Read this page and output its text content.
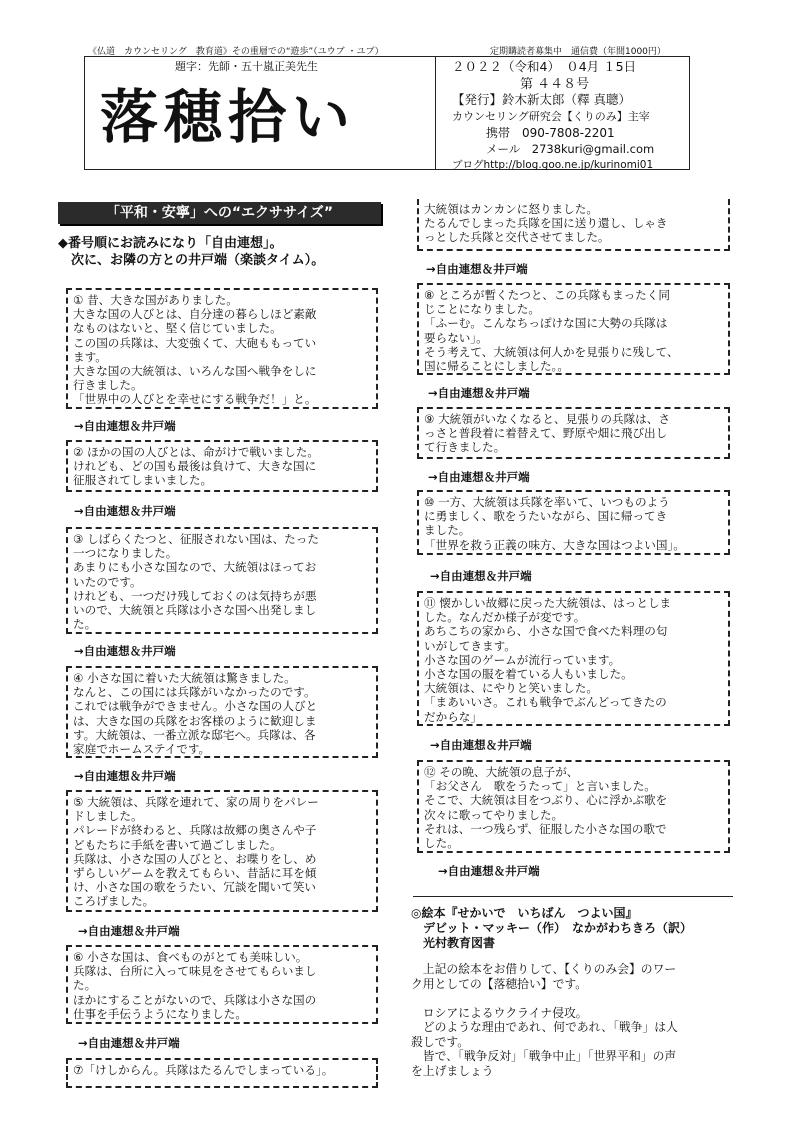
《仏道　カウンセリング　教育道》その重層での“遊歩”（ユウブ ・ユブ）	定期購読者募集中　通信費（年間1000円）
題字：先師・五十嵐正美先生
落穂拾い
２０２２（令和4）　０4月 １5日
第 ４４８号
【発行】鈴木新太郎（釋 真聰）
カウンセリング研究会【くりのみ】主宰
携帯　090-7808-2201
メール　2738kuri@gmail.com
ブログhttp://blog.goo.ne.jp/kurinomi01
「平和・安寧」への“エクササイズ”
◆番号順にお読みになり「自由連想」。
　次に、お隣の方との井戸端（楽談タイム）。
① 昔、大きな国がありました。
大きな国の人びとは、自分達の暮らしほど素敵
なものはないと、堅く信じていました。
この国の兵隊は、大変強くて、大砲ももってい
ます。
大きな国の大統領は、いろんな国へ戦争をしに
行きました。
「世界中の人びとを幸せにする戦争だ！」と。
→自由連想＆井戸端
② ほかの国の人びとは、命がけで戦いました。
けれども、どの国も最後は負けて、大きな国に
征服されてしまいました。
→自由連想＆井戸端
③ しばらくたつと、征服されない国は、たった
一つになりました。
あまりにも小さな国なので、大統領はほってお
いたのです。
けれども、一つだけ残しておくのは気持ちが悪
いので、大統領と兵隊は小さな国へ出発しまし
た。
→自由連想＆井戸端
④ 小さな国に着いた大統領は驚きました。
なんと、この国には兵隊がいなかったのです。
これでは戦争ができません。小さな国の人びと
は、大きな国の兵隊をお客様のように歓迎しま
す。大統領は、一番立派な邸宅へ。兵隊は、各
家庭でホームステイです。
→自由連想＆井戸端
⑤ 大統領は、兵隊を連れて、家の周りをパレー
ドしました。
パレードが終わると、兵隊は故郷の奥さんや子
どもたちに手紙を書いて過ごしました。
兵隊は、小さな国の人びとと、お喋りをし、め
ずらしいゲームを教えてもらい、昔話に耳を傾
け、小さな国の歌をうたい、冗談を聞いて笑い
ころげました。
→自由連想＆井戸端
⑥ 小さな国は、食べものがとても美味しい。
兵隊は、台所に入って味見をさせてもらいまし
た。
ほかにすることがないので、兵隊は小さな国の
仕事を手伝うようになりました。
→自由連想＆井戸端
⑦「けしからん。兵隊はたるんでしまっている」。
大統領はカンカンに怒りました。
たるんでしまった兵隊を国に送り還し、しゃき
っとした兵隊と交代させてました。
→自由連想＆井戸端
⑧ ところが暫くたつと、この兵隊もまったく同
じことになりました。
「ふーむ。こんなちっぽけな国に大勢の兵隊は
要らない」。
そう考えて、大統領は何人かを見張りに残して、
国に帰ることにしました。。
→自由連想＆井戸端
⑨ 大統領がいなくなると、見張りの兵隊は、さ
っさと普段着に着替えて、野原や畑に飛び出し
て行きました。
→自由連想＆井戸端
⑩ 一方、大統領は兵隊を率いて、いつものよう
に勇ましく、歌をうたいながら、国に帰ってき
ました。
「世界を救う正義の味方、大きな国はつよい国」。
→自由連想＆井戸端
⑪ 懐かしい故郷に戻った大統領は、はっとしま
した。なんだか様子が変です。
あちこちの家から、小さな国で食べた料理の匂
いがしてきます。
小さな国のゲームが流行っています。
小さな国の服を着ている人もいました。
大統領は、にやりと笑いました。
「まあいいさ。これも戦争でぶんどってきたの
だからな」
→自由連想＆井戸端
⑫ その晩、大統領の息子が、
「お父さん　歌をうたって」と言いました。
そこで、大統領は目をつぶり、心に浮かぶ歌を
次々に歌ってやりました。
それは、一つ残らず、征服した小さな国の歌で
した。
→自由連想＆井戸端
◎絵本『せかいで　いちばん　つよい国』
　デビット・マッキー（作）　なかがわちきろ（訳）
　光村教育図書
　上記の絵本をお借りして、【くりのみ会】のワー
ク用としての【落穂拾い】です。
　ロシアによるウクライナ侵攻。
　どのような理由であれ、何であれ、「戦争」は人
殺しです。
　皆で、「戦争反対」「戦争中止」「世界平和」の声
を上げましょう
